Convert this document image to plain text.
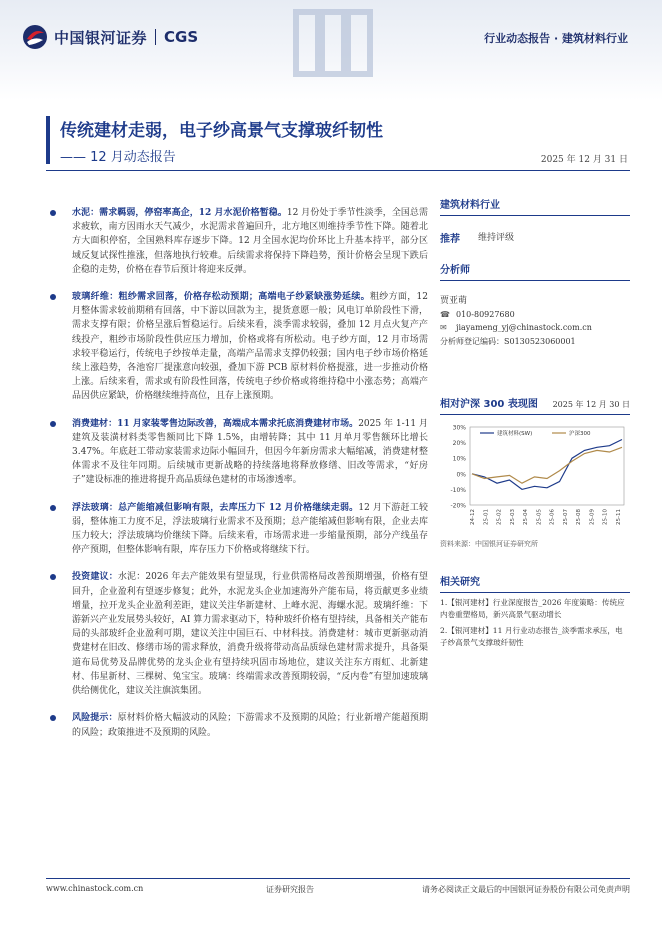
中国银河证券 CGS	行业动态报告 · 建筑材料行业
传统建材走弱，电子纱高景气支撑玻纤韧性
—— 12 月动态报告	2025 年 12 月 31 日
水泥：需求羁弱，停窑率高企，12 月水泥价格暂稳。12 月份处于季节性淡季，全国总需求疲软，南方因雨水天气减少，水泥需求普遍回升，北方地区则维持季节性下降。随着北方大面积停窑，全国熟料库存逐步下降。12 月全国水泥均价环比上升基本持平，部分区域反复试探性推涨，但落地执行较难。后续需求将保持下降趋势，预计价格会呈现下跌后企稳的走势，价格在春节后预计将迎来反弹。
玻璃纤维：粗纱需求回落，价格存松动预期；高端电子纱紧缺涨势延续。粗纱方面，12 月整体需求较前期稍有回落，中下游以回款为主，提货意愿一般；风电订单阶段性下滑，需求支撑有限；价格呈涨后暂稳运行。后续来看，淡季需求较弱，叠加 12 月点火复产产线投产，粗纱市场阶段性供应压力增加，价格或将有所松动。电子纱方面，12 月市场需求较平稳运行，传统电子纱按单走量，高端产品需求支撑仍较强；国内电子纱市场价格延续上涨趋势，各池窑厂提涨意向较强，叠加下游 PCB 原材料价格提涨，进一步推动价格上涨。后续来看，需求或有阶段性回落，传统电子纱价格或将维持稳中小涨态势；高端产品因供应紧缺，价格继续维持高位，且存上涨预期。
消费建材：11 月家装零售边际改善，高端成本需求托底消费建材市场。2025 年 1-11 月建筑及装潢材料类零售额同比下降 1.5%，由增转降；其中 11 月单月零售额环比增长 3.47%。年底赶工带动家装需求边际小幅回升，但因今年新房需求大幅缩减，消费建材整体需求不及往年同期。后续城市更新战略的持续落地将释放修缮、旧改等需求，“好房子”建设标准的推进将提升高品质绿色建材的市场渗透率。
浮法玻璃：总产能缩减但影响有限，去库压力下 12 月价格继续走弱。12 月下游赶工较弱，整体施工力度不足，浮法玻璃行业需求不及预期；总产能缩减但影响有限，企业去库压力较大；浮法玻璃均价继续下降。后续来看，市场需求进一步缩量预期，部分产线虽存停产预期，但整体影响有限，库存压力下价格或将继续下行。
投资建议：水泥：2026 年去产能效果有望显现，行业供需格局改善预期增强，价格有望回升，企业盈利有望逐步修复；此外，水泥龙头企业加速海外产能布局，将贡献更多业绩增量，拉开龙头企业盈利差距，建议关注华新建材、上峰水泥、海螺水泥。玻璃纤维：下游新兴产业发展势头较好，AI 算力需求驱动下，特种玻纤价格有望持续，具备相关产能布局的头部玻纤企业盈利可期，建议关注中国巨石、中材科技。消费建材：城市更新驱动消费建材在旧改、修缮市场的需求释放，消费升级将带动高品质绿色建材需求提升，具备渠道布局优势及品牌优势的龙头企业有望持续巩固市场地位，建议关注东方雨虹、北新建材、伟星新材、三棵树、兔宝宝。玻璃：终端需求改善预期较弱，“反内卷”有望加速玻璃供给侧优化，建议关注旗滨集团。
风险提示：原材料价格大幅波动的风险；下游需求不及预期的风险；行业新增产能超预期的风险；政策推进不及预期的风险。
建筑材料行业
推荐 维持评级
分析师
贾亚萌
☎ 010-80927680
✉	jiayameng_yj@chinastock.com.cn
分析师登记编码：S0130523060001
相对沪深 300 表现图 2025 年 12 月 30 日
30%
20%
10%
0%
-10%
-20%
24-12 25-01 25-02 25-03 25-04 25-05 25-06 25-07 25-08 25-09 25-10 25-11
建筑材料(SW)	沪深300
资料来源：中国银河证券研究所
相关研究
1.【银河建材】行业深度报告_2026 年度策略：传统应内卷重塑格局，新兴高景气驱动增长
2.【银河建材】11 月行业动态报告_淡季需求承压，电子纱高景气支撑玻纤韧性
www.chinastock.com.cn	证券研究报告	请务必阅读正文最后的中国银河证券股份有限公司免责声明
